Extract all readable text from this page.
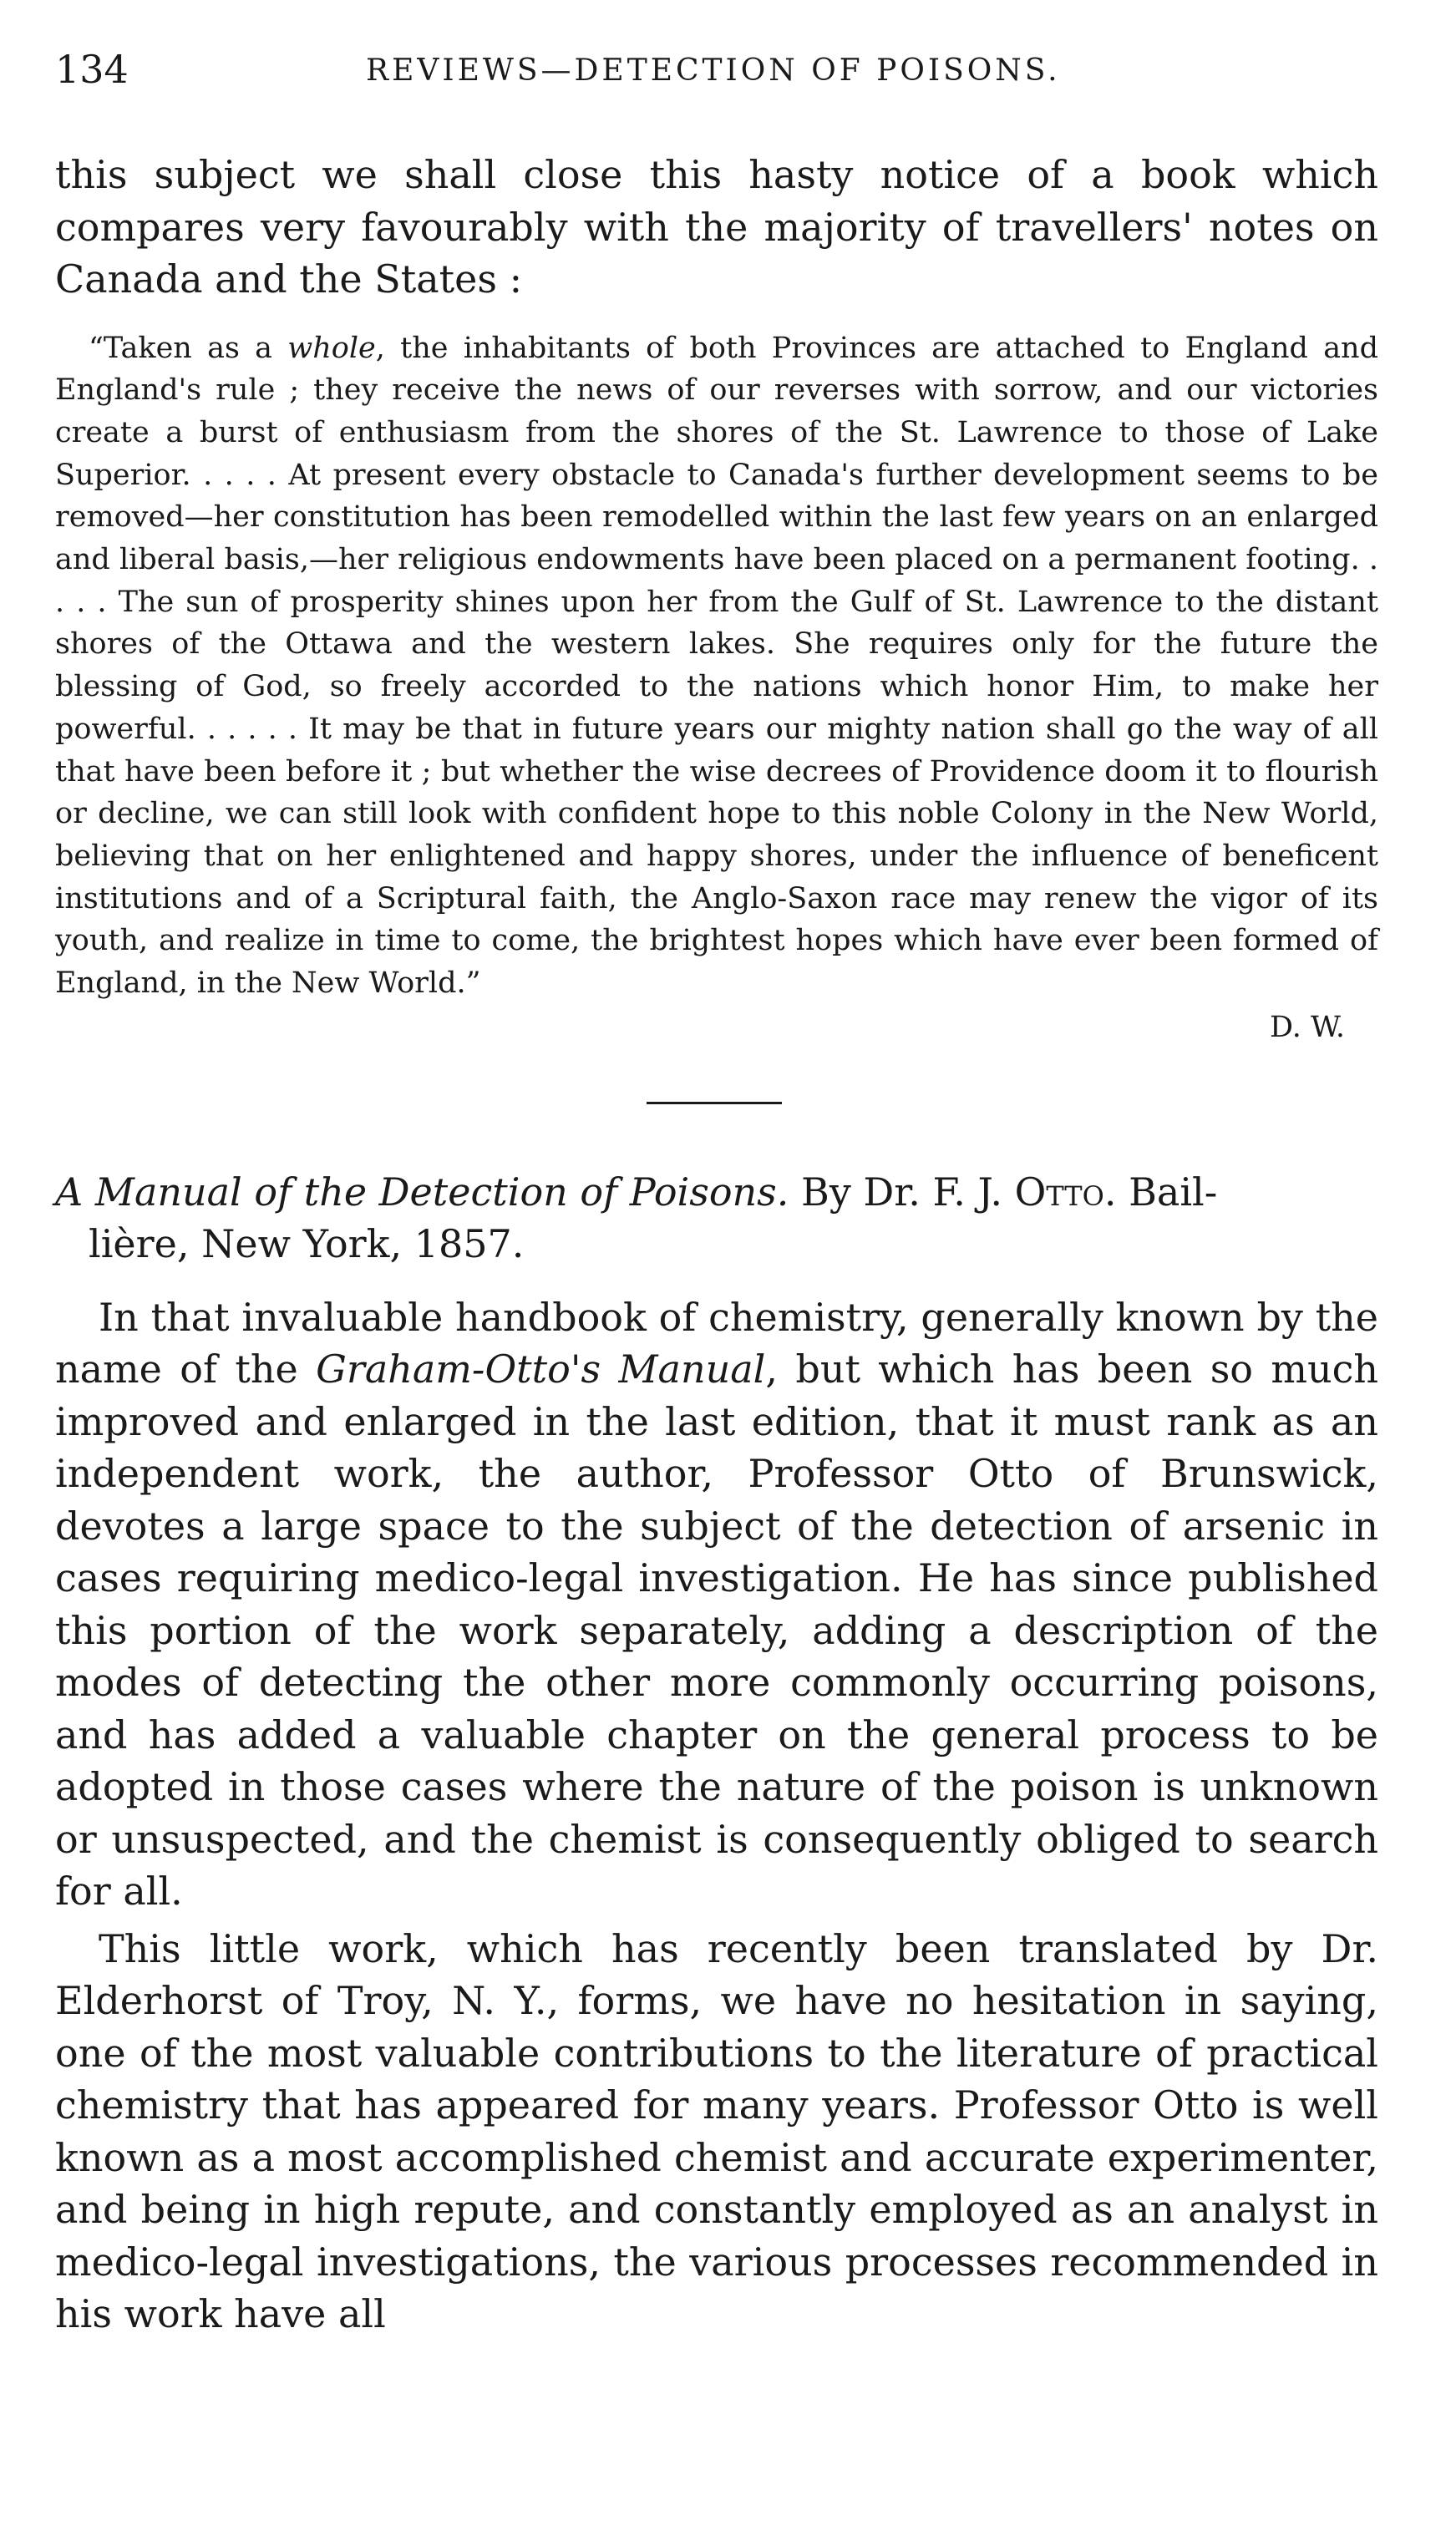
134	REVIEWS—DETECTION OF POISONS.

this subject we shall close this hasty notice of a book which compares very favourably with the majority of travellers' notes on Canada and the States :

“Taken as a whole, the inhabitants of both Provinces are attached to England and England's rule ; they receive the news of our reverses with sorrow, and our victories create a burst of enthusiasm from the shores of the St. Lawrence to those of Lake Superior. . . . . At present every obstacle to Canada's further development seems to be removed—her constitution has been remodelled within the last few years on an enlarged and liberal basis,—her religious endowments have been placed on a permanent footing. . . . . The sun of prosperity shines upon her from the Gulf of St. Lawrence to the distant shores of the Ottawa and the western lakes. She requires only for the future the blessing of God, so freely accorded to the nations which honor Him, to make her powerful. . . . . . It may be that in future years our mighty nation shall go the way of all that have been before it ; but whether the wise decrees of Providence doom it to flourish or decline, we can still look with confident hope to this noble Colony in the New World, believing that on her enlightened and happy shores, under the influence of beneficent institutions and of a Scriptural faith, the Anglo-Saxon race may renew the vigor of its youth, and realize in time to come, the brightest hopes which have ever been formed of England, in the New World.”

D. W.
A Manual of the Detection of Poisons. By Dr. F. J. Otto. Bail-
lière, New York, 1857.

In that invaluable handbook of chemistry, generally known by the name of the Graham-Otto's Manual, but which has been so much improved and enlarged in the last edition, that it must rank as an independent work, the author, Professor Otto of Brunswick, devotes a large space to the subject of the detection of arsenic in cases requiring medico-legal investigation. He has since published this portion of the work separately, adding a description of the modes of detecting the other more commonly occurring poisons, and has added a valuable chapter on the general process to be adopted in those cases where the nature of the poison is unknown or unsuspected, and the chemist is consequently obliged to search for all.

This little work, which has recently been translated by Dr. Elderhorst of Troy, N. Y., forms, we have no hesitation in saying, one of the most valuable contributions to the literature of practical chemistry that has appeared for many years. Professor Otto is well known as a most accomplished chemist and accurate experimenter, and being in high repute, and constantly employed as an analyst in medico-legal investigations, the various processes recommended in his work have all
